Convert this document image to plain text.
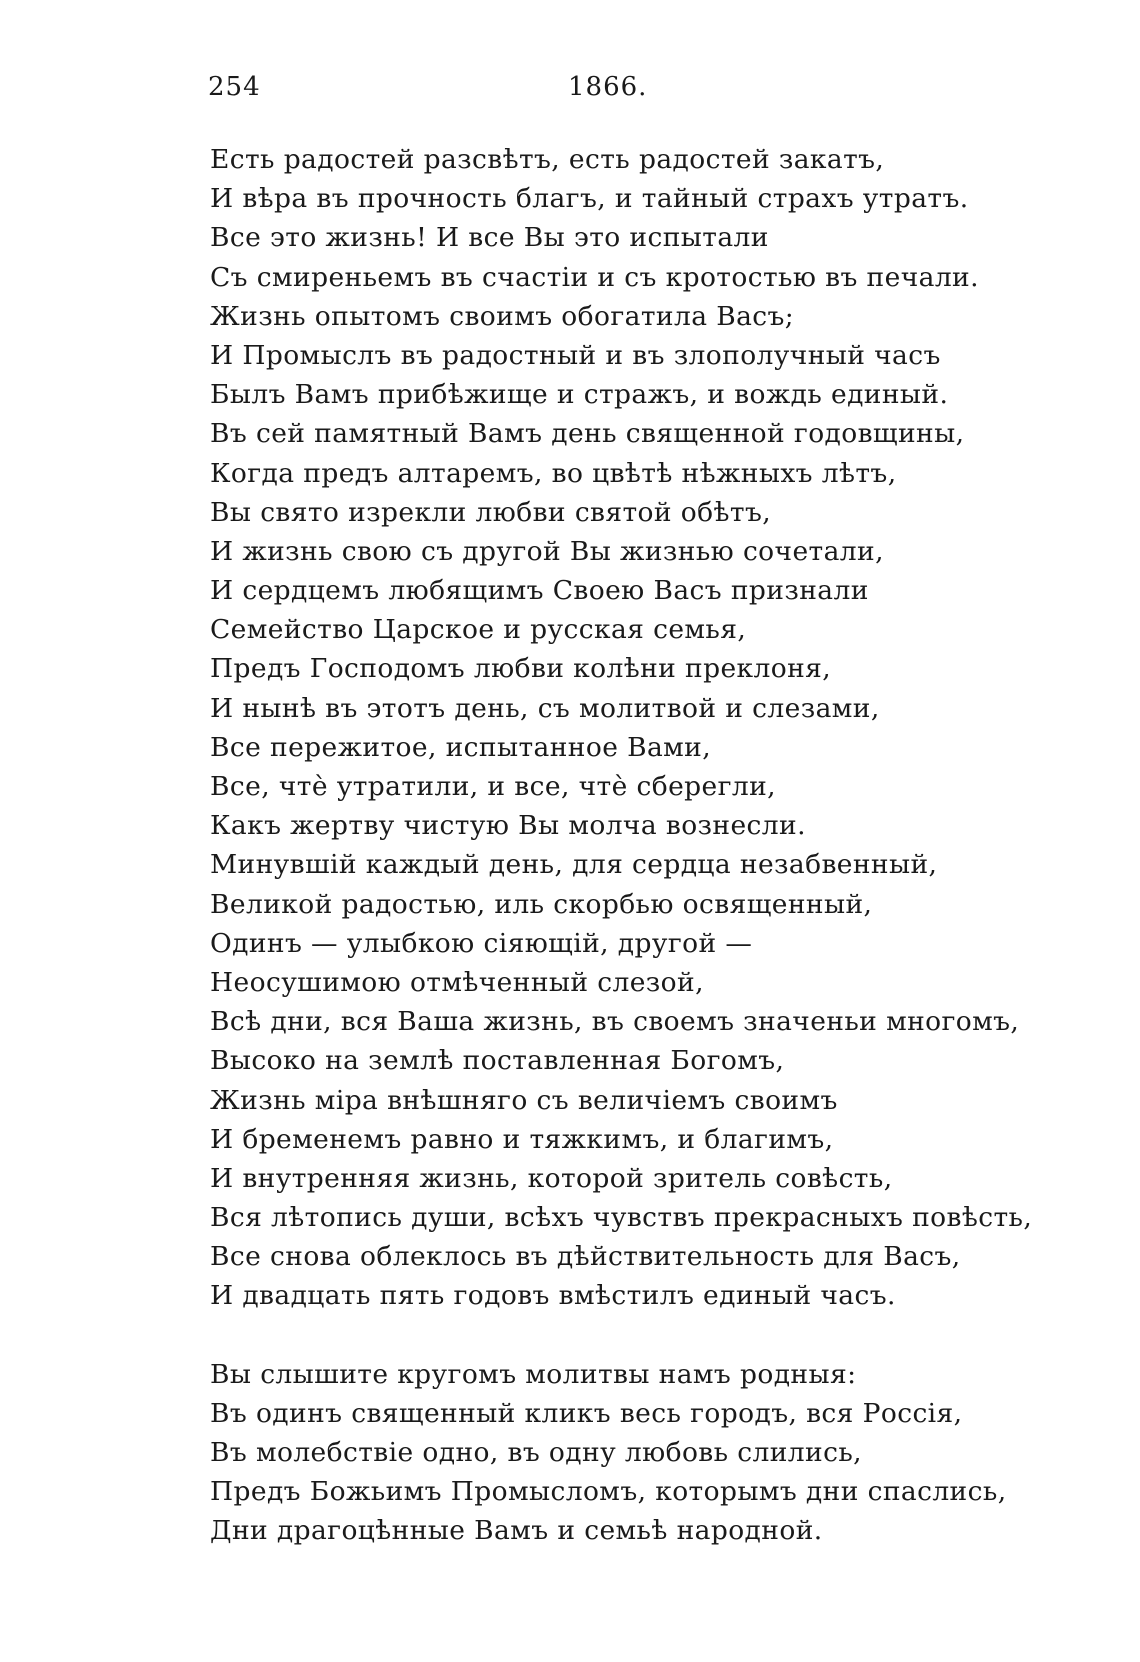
254	1866.
Есть радостей разсвѣтъ, есть радостей закатъ,
И вѣра въ прочность благъ, и тайный страхъ утратъ.
Все это жизнь! И все Вы это испытали
Съ смиреньемъ въ счастіи и съ кротостью въ печали.
Жизнь опытомъ своимъ обогатила Васъ;
И Промыслъ въ радостный и въ злополучный часъ
Былъ Вамъ прибѣжище и стражъ, и вождь единый.
Въ сей памятный Вамъ день священной годовщины,
Когда предъ алтаремъ, во цвѣтѣ нѣжныхъ лѣтъ,
Вы свято изрекли любви святой обѣтъ,
И жизнь свою съ другой Вы жизнью сочетали,
И сердцемъ любящимъ Своею Васъ признали
Семейство Царское и русская семья,
Предъ Господомъ любви колѣни преклоня,
И нынѣ въ этотъ день, съ молитвой и слезами,
Все пережитое, испытанное Вами,
Все, чтѐ утратили, и все, чтѐ сберегли,
Какъ жертву чистую Вы молча вознесли.
Минувшій каждый день, для сердца незабвенный,
Великой радостью, иль скорбью освященный,
Одинъ — улыбкою сіяющій, другой —
Неосушимою отмѣченный слезой,
Всѣ дни, вся Ваша жизнь, въ своемъ значеньи многомъ,
Высоко на землѣ поставленная Богомъ,
Жизнь міра внѣшняго съ величіемъ своимъ
И бременемъ равно и тяжкимъ, и благимъ,
И внутренняя жизнь, которой зритель совѣсть,
Вся лѣтопись души, всѣхъ чувствъ прекрасныхъ повѣсть,
Все снова облеклось въ дѣйствительность для Васъ,
И двадцать пять годовъ вмѣстилъ единый часъ.
Вы слышите кругомъ молитвы намъ родныя:
Въ одинъ священный кликъ весь городъ, вся Россія,
Въ молебствіе одно, въ одну любовь слились,
Предъ Божьимъ Промысломъ, которымъ дни спаслись,
Дни драгоцѣнные Вамъ и семьѣ народной.
